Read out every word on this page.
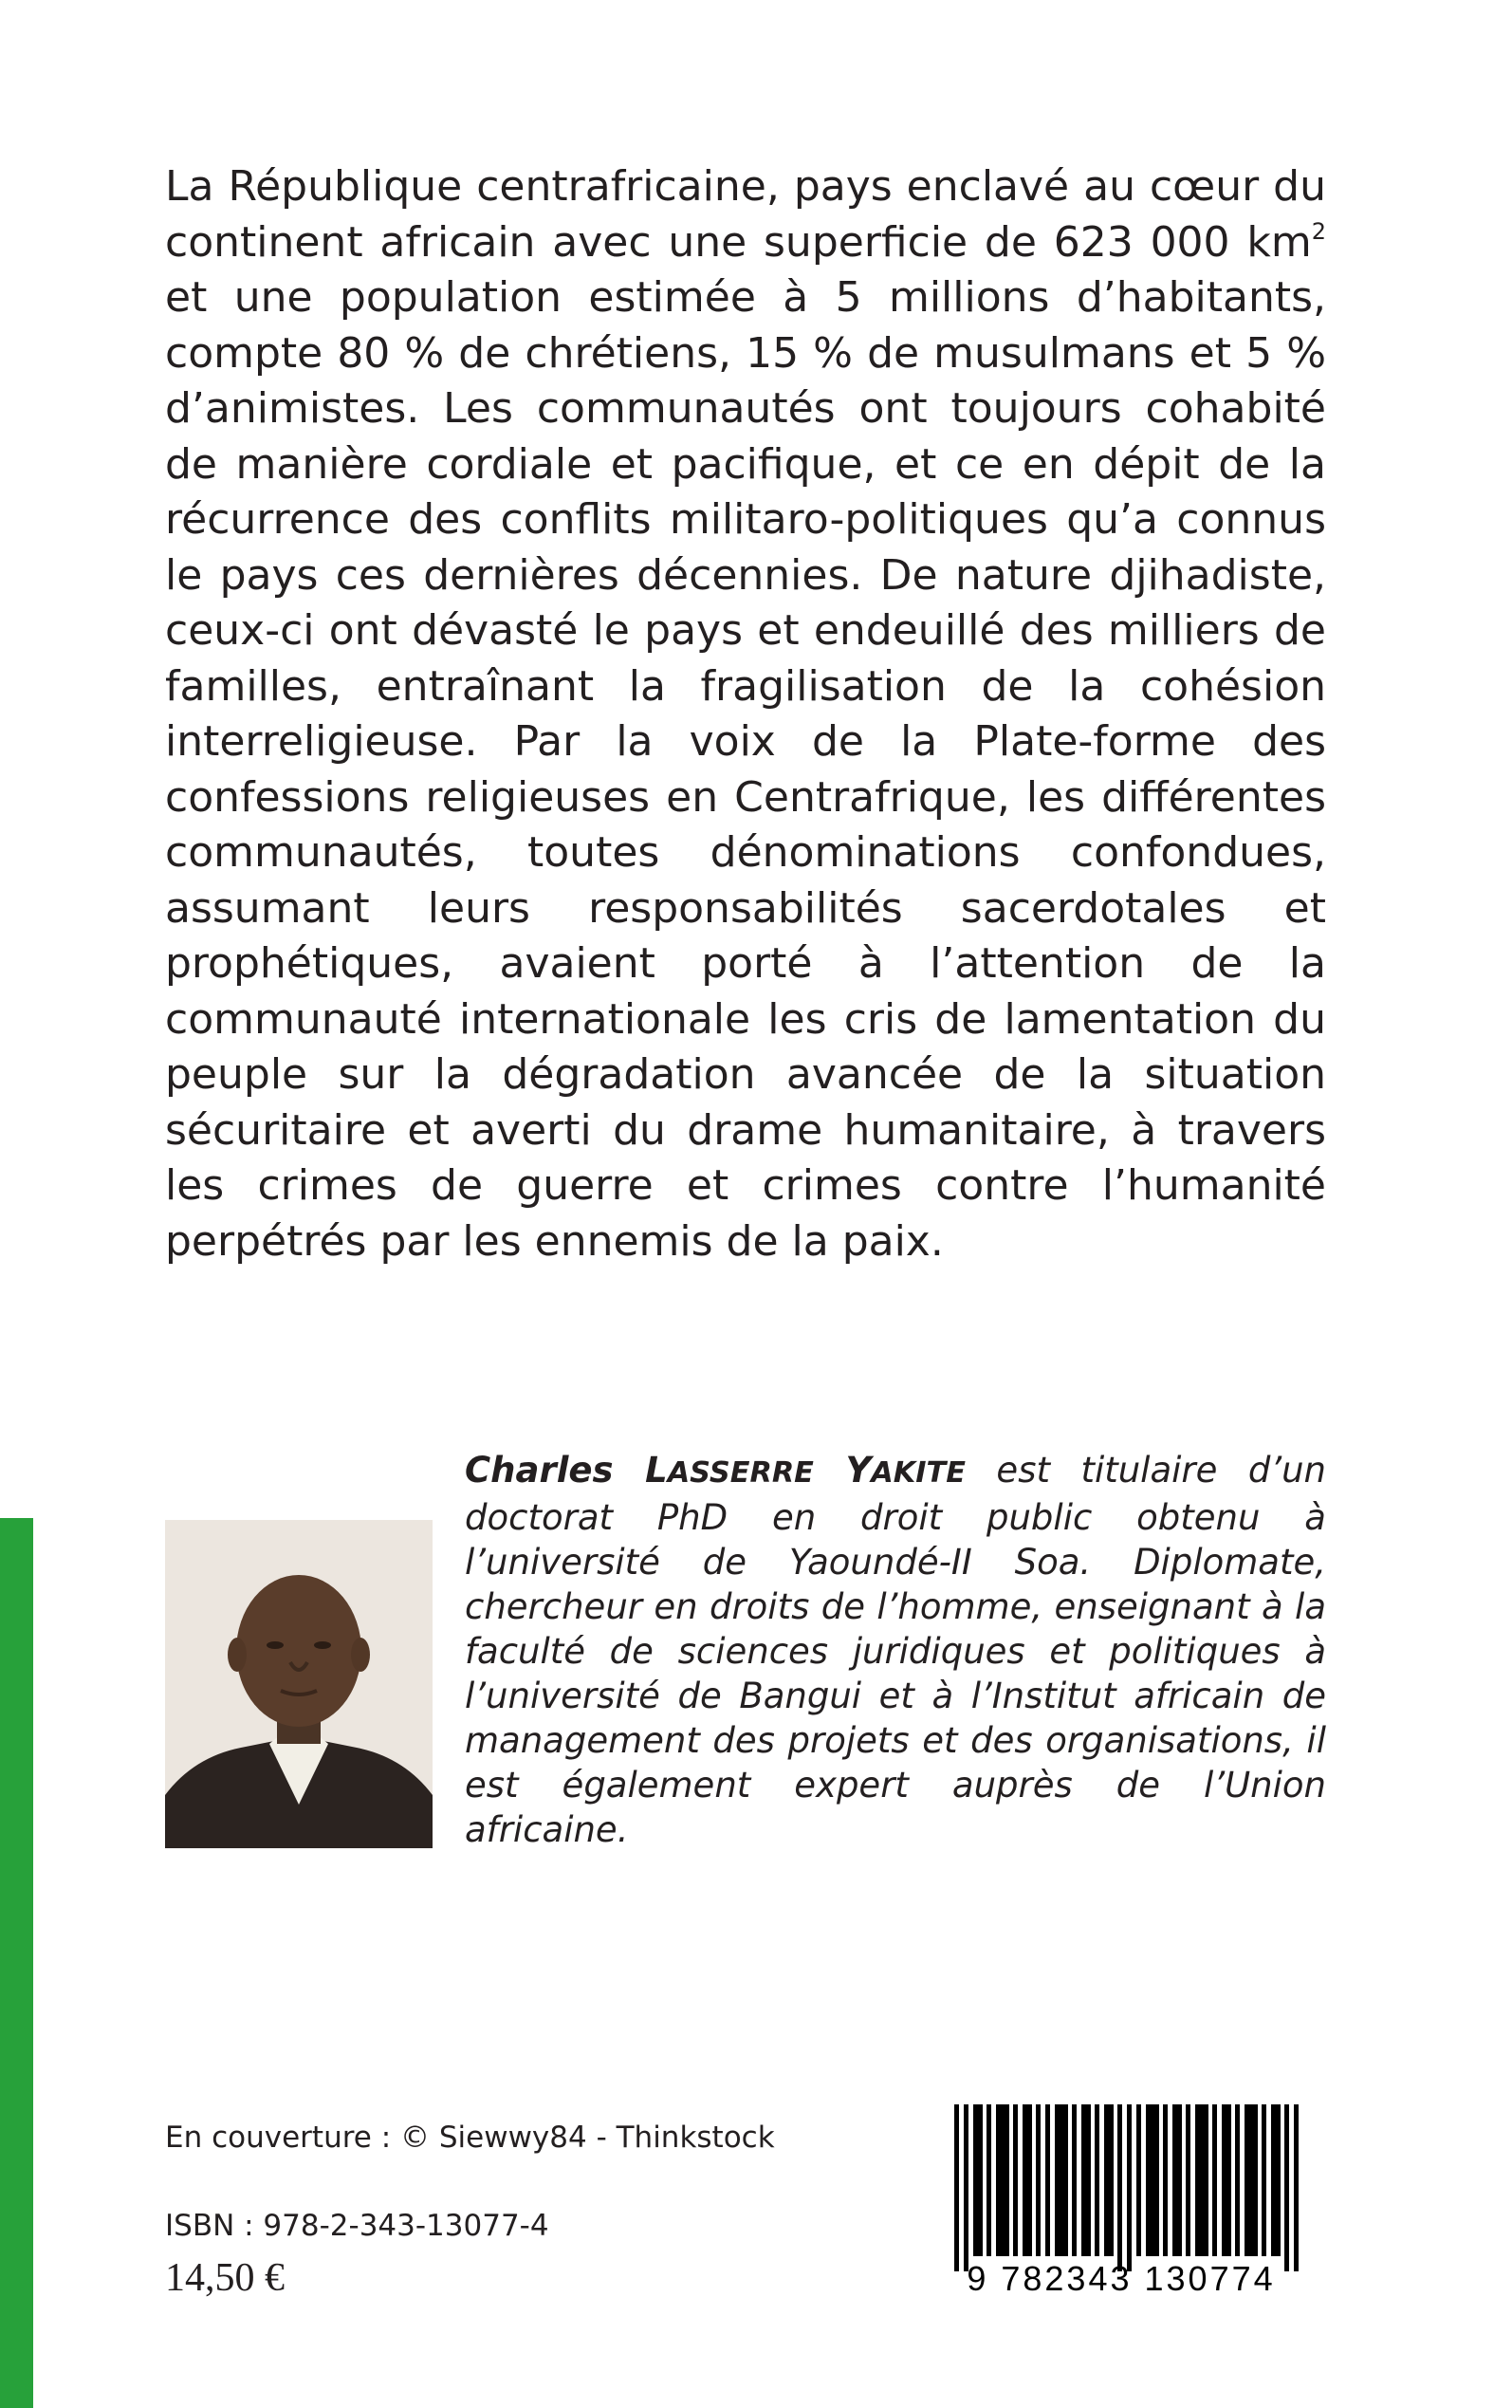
La République centrafricaine, pays enclavé au cœur du continent africain avec une superficie de 623 000 $km^2$ et une population estimée à 5 millions d’habitants, compte 80 % de chrétiens, 15 % de musulmans et 5 % d’animistes. Les communautés ont toujours cohabité de manière cordiale et pacifique, et ce en dépit de la récurrence des conflits militaro-politiques qu’a connus le pays ces dernières décennies. De nature djihadiste, ceux-ci ont dévasté le pays et endeuillé des milliers de familles, entraînant la fragilisation de la cohésion interreligieuse. Par la voix de la Plate-forme des confessions religieuses en Centrafrique, les différentes communautés, toutes dénominations confondues, assumant leurs responsabilités sacerdotales et prophétiques, avaient porté à l’attention de la communauté internationale les cris de lamentation du peuple sur la dégradation avancée de la situation sécuritaire et averti du drame humanitaire, à travers les crimes de guerre et crimes contre l’humanité perpétrés par les ennemis de la paix.

Charles LASSERRE YAKITE est titulaire d’un doctorat PhD en droit public obtenu à l’université de Yaoundé-II Soa. Diplomate, chercheur en droits de l’homme, enseignant à la faculté de sciences juridiques et politiques à l’université de Bangui et à l’Institut africain de management des projets et des organisations, il est également expert auprès de l’Union africaine.

En couverture : © Siewwy84 - Thinkstock
ISBN : 978-2-343-13077-4
14,50 €	9 782343 130774
